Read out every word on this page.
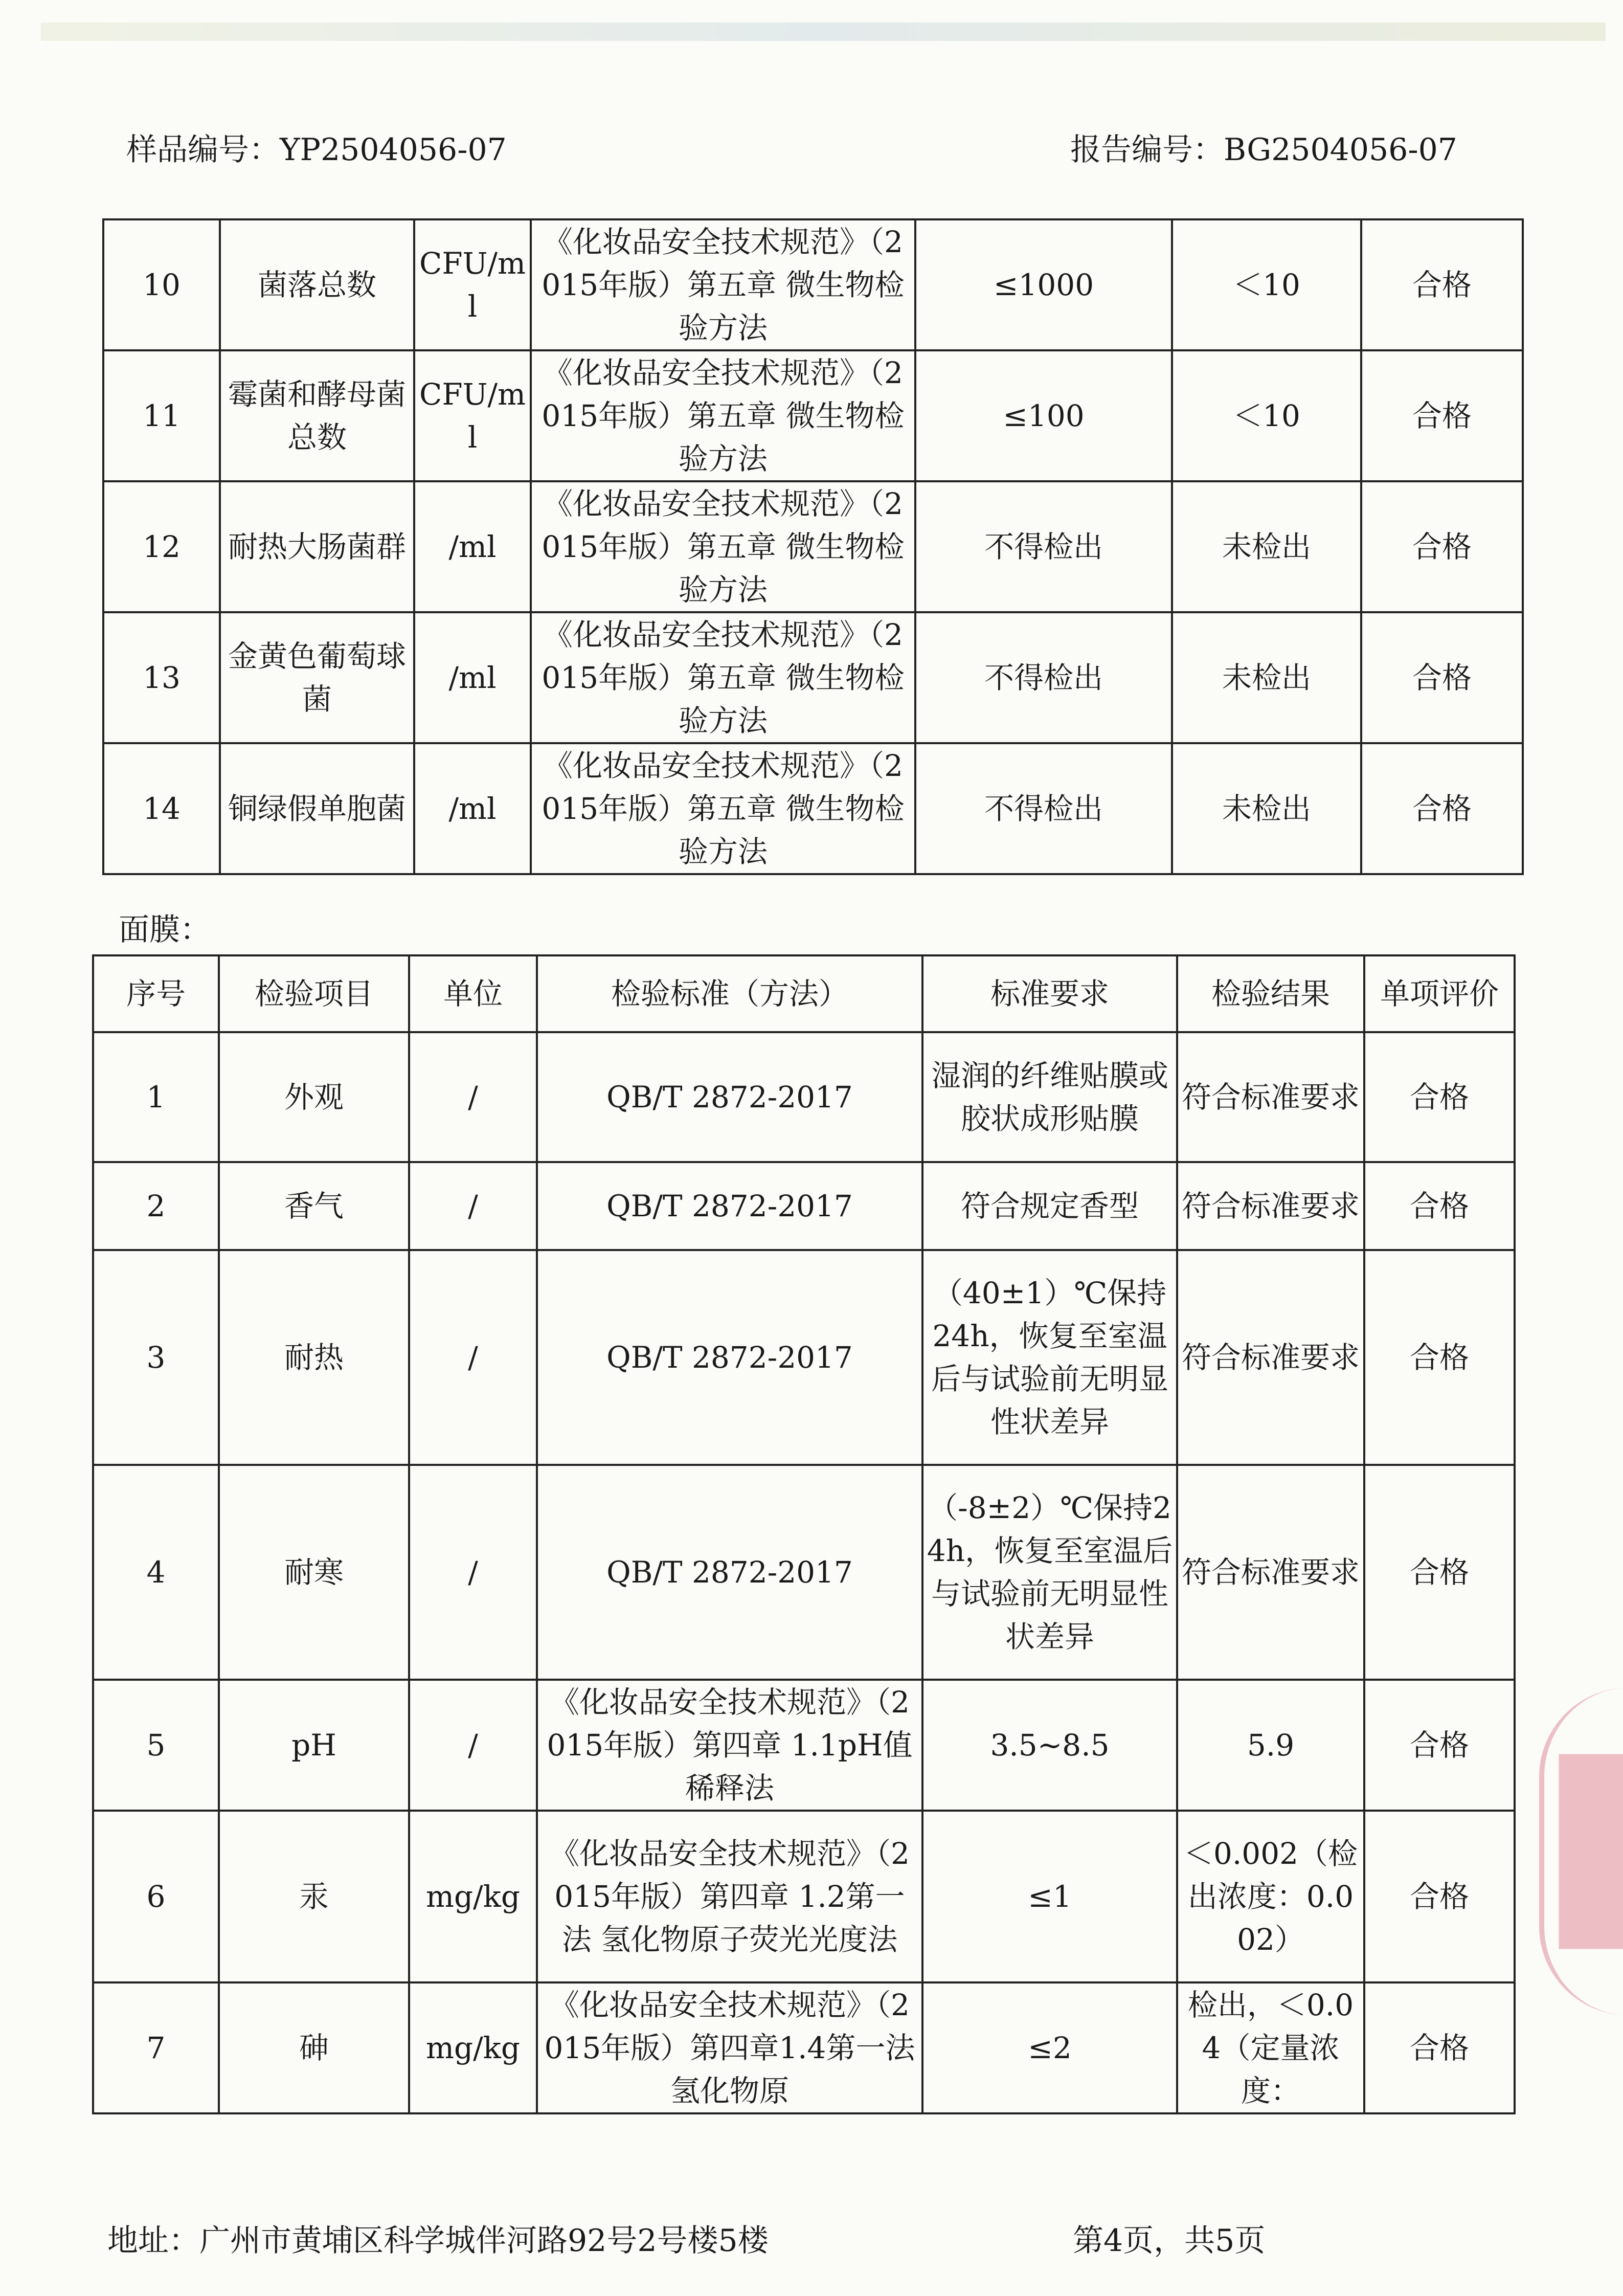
样品编号：YP2504056-07	报告编号：BG2504056-07
10	菌落总数	CFU/ml	《化妆品安全技术规范》（2015年版）第五章 微生物检验方法	≤1000	＜10	合格
11	霉菌和酵母菌总数	CFU/ml	《化妆品安全技术规范》（2015年版）第五章 微生物检验方法	≤100	＜10	合格
12	耐热大肠菌群	/ml	《化妆品安全技术规范》（2015年版）第五章 微生物检验方法	不得检出	未检出	合格
13	金黄色葡萄球菌	/ml	《化妆品安全技术规范》（2015年版）第五章 微生物检验方法	不得检出	未检出	合格
14	铜绿假单胞菌	/ml	《化妆品安全技术规范》（2015年版）第五章 微生物检验方法	不得检出	未检出	合格
面膜：
序号	检验项目	单位	检验标准（方法）	标准要求	检验结果	单项评价
1	外观	/	QB/T 2872-2017	湿润的纤维贴膜或胶状成形贴膜	符合标准要求	合格
2	香气	/	QB/T 2872-2017	符合规定香型	符合标准要求	合格
3	耐热	/	QB/T 2872-2017	（40±1）℃保持24h，恢复至室温后与试验前无明显性状差异	符合标准要求	合格
4	耐寒	/	QB/T 2872-2017	（-8±2）℃保持24h，恢复至室温后与试验前无明显性状差异	符合标准要求	合格
5	pH	/	《化妆品安全技术规范》（2015年版）第四章 1.1pH值 稀释法	3.5~8.5	5.9	合格
6	汞	mg/kg	《化妆品安全技术规范》（2015年版）第四章 1.2第一法 氢化物原子荧光光度法	≤1	＜0.002（检出浓度：0.002）	合格
7	砷	mg/kg	《化妆品安全技术规范》（2015年版）第四章1.4第一法 氢化物原	≤2	检出，＜0.04（定量浓度：	合格
地址：广州市黄埔区科学城伴河路92号2号楼5楼	第4页，共5页
